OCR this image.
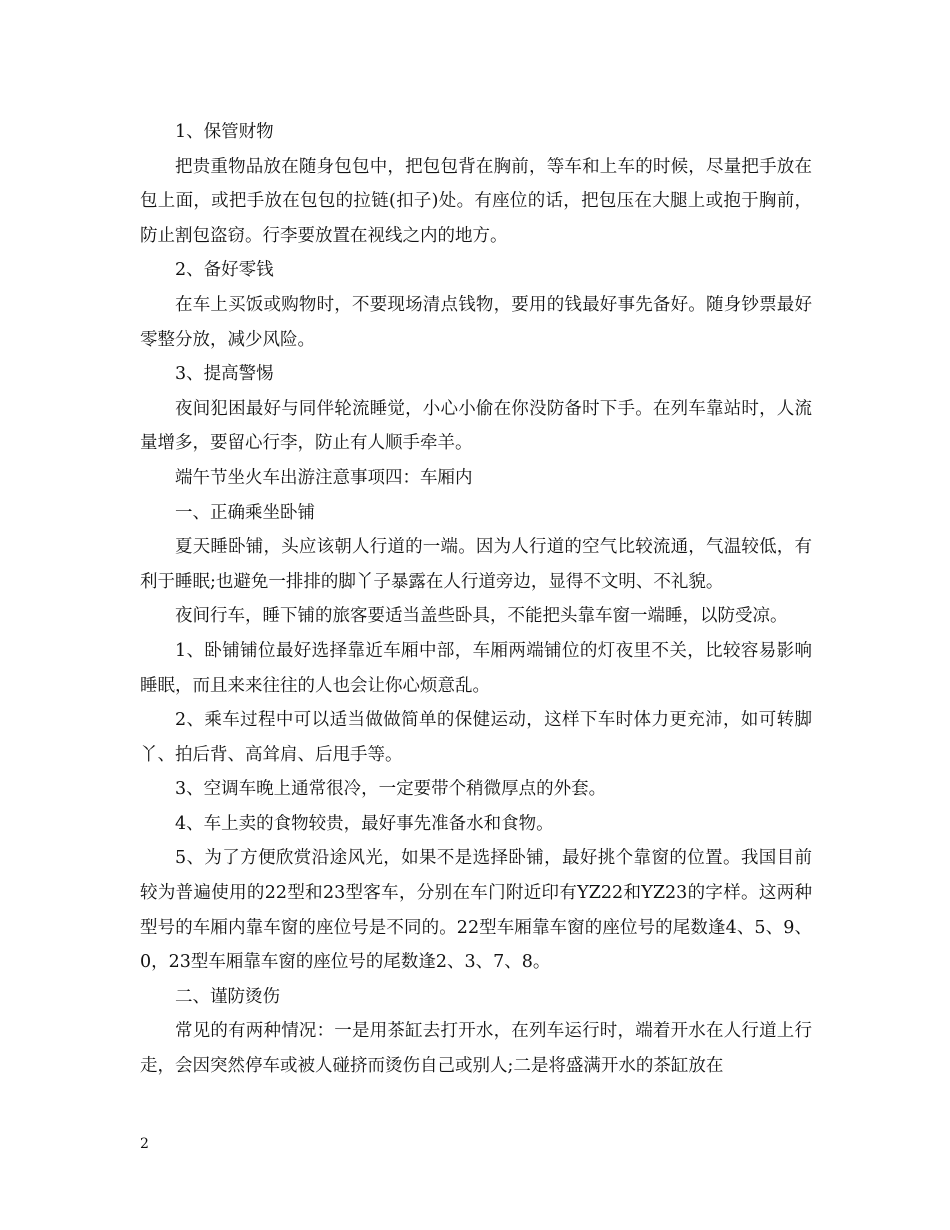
1、保管财物

把贵重物品放在随身包包中，把包包背在胸前，等车和上车的时候，尽量把手放在包上面，或把手放在包包的拉链(扣子)处。有座位的话，把包压在大腿上或抱于胸前，防止割包盗窃。行李要放置在视线之内的地方。

2、备好零钱

在车上买饭或购物时，不要现场清点钱物，要用的钱最好事先备好。随身钞票最好零整分放，减少风险。

3、提高警惕

夜间犯困最好与同伴轮流睡觉，小心小偷在你没防备时下手。在列车靠站时，人流量增多，要留心行李，防止有人顺手牵羊。

端午节坐火车出游注意事项四：车厢内

一、正确乘坐卧铺

夏天睡卧铺，头应该朝人行道的一端。因为人行道的空气比较流通，气温较低，有利于睡眠;也避免一排排的脚丫子暴露在人行道旁边，显得不文明、不礼貌。

夜间行车，睡下铺的旅客要适当盖些卧具，不能把头靠车窗一端睡，以防受凉。

1、卧铺铺位最好选择靠近车厢中部，车厢两端铺位的灯夜里不关，比较容易影响睡眠，而且来来往往的人也会让你心烦意乱。

2、乘车过程中可以适当做做简单的保健运动，这样下车时体力更充沛，如可转脚丫、拍后背、高耸肩、后甩手等。

3、空调车晚上通常很冷，一定要带个稍微厚点的外套。

4、车上卖的食物较贵，最好事先准备水和食物。

5、为了方便欣赏沿途风光，如果不是选择卧铺，最好挑个靠窗的位置。我国目前较为普遍使用的22型和23型客车，分别在车门附近印有YZ22和YZ23的字样。这两种型号的车厢内靠车窗的座位号是不同的。22型车厢靠车窗的座位号的尾数逢4、5、9、0，23型车厢靠车窗的座位号的尾数逢2、3、7、8。

二、谨防烫伤

常见的有两种情况：一是用茶缸去打开水，在列车运行时，端着开水在人行道上行走，会因突然停车或被人碰挤而烫伤自己或别人;二是将盛满开水的茶缸放在

2
